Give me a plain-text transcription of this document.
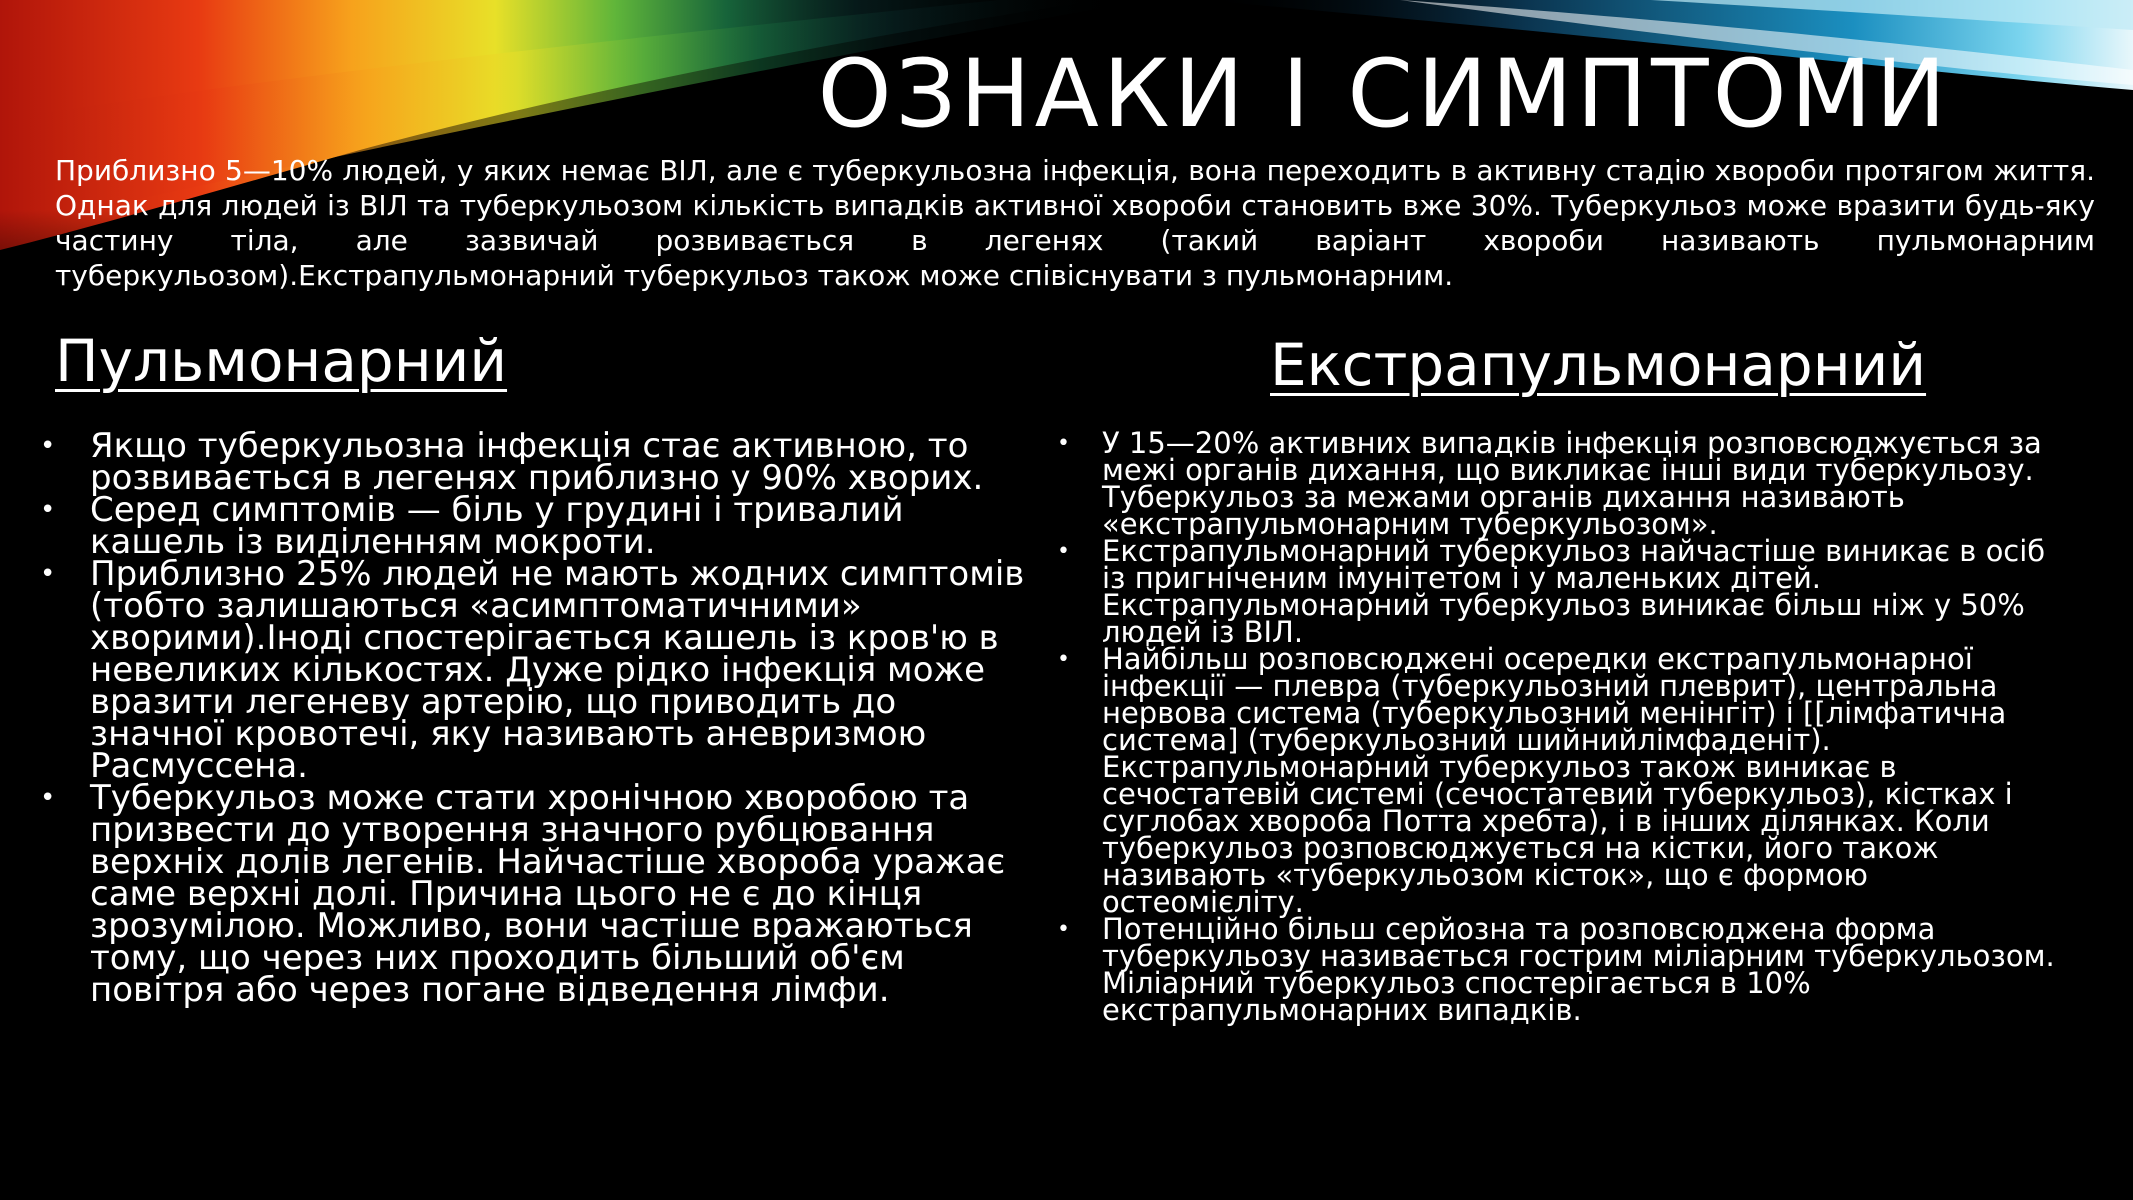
ОЗНАКИ І СИМПТОМИ

Приблизно 5—10% людей, у яких немає ВІЛ, але є туберкульозна інфекція, вона переходить в активну стадію хвороби протягом життя. Однак для людей із ВІЛ та туберкульозом кількість випадків активної хвороби становить вже 30%. Туберкульоз може вразити будь-яку частину тіла, але зазвичай розвивається в легенях (такий варіант хвороби називають пульмонарним туберкульозом).Екстрапульмонарний туберкульоз також може співіснувати з пульмонарним.

Пульмонарний	Екстрапульмонарний
• Якщо туберкульозна інфекція стає активною, то розвивається в легенях приблизно у 90% хворих.
• Серед симптомів — біль у грудині і тривалий кашель із виділенням мокроти.
• Приблизно 25% людей не мають жодних симптомів (тобто залишаються «асимптоматичними» хворими).Іноді спостерігається кашель із кров'ю в невеликих кількостях. Дуже рідко інфекція може вразити легеневу артерію, що приводить до значної кровотечі, яку називають аневризмою Расмуссена.
• Туберкульоз може стати хронічною хворобою та призвести до утворення значного рубцювання верхніх долів легенів. Найчастіше хвороба уражає саме верхні долі. Причина цього не є до кінця зрозумілою. Можливо, вони частіше вражаються тому, що через них проходить більший об'єм повітря або через погане відведення лімфи.
• У 15—20% активних випадків інфекція розповсюджується за межі органів дихання, що викликає інші види туберкульозу. Туберкульоз за межами органів дихання називають «екстрапульмонарним туберкульозом».
• Екстрапульмонарний туберкульоз найчастіше виникає в осіб із пригніченим імунітетом і у маленьких дітей. Екстрапульмонарний туберкульоз виникає більш ніж у 50% людей із ВІЛ.
• Найбільш розповсюджені осередки екстрапульмонарної інфекції — плевра (туберкульозний плеврит), центральна нервова система (туберкульозний менінгіт) і [[лімфатична система] (туберкульозний шийнийлімфаденіт). Екстрапульмонарний туберкульоз також виникає в сечостатевій системі (сечостатевий туберкульоз), кістках і суглобах хвороба Потта хребта), і в інших ділянках. Коли туберкульоз розповсюджується на кістки, його також називають «туберкульозом кісток», що є формою остеомієліту.
• Потенційно більш серйозна та розповсюджена форма туберкульозу називається гострим міліарним туберкульозом. Міліарний туберкульоз спостерігається в 10% екстрапульмонарних випадків.
